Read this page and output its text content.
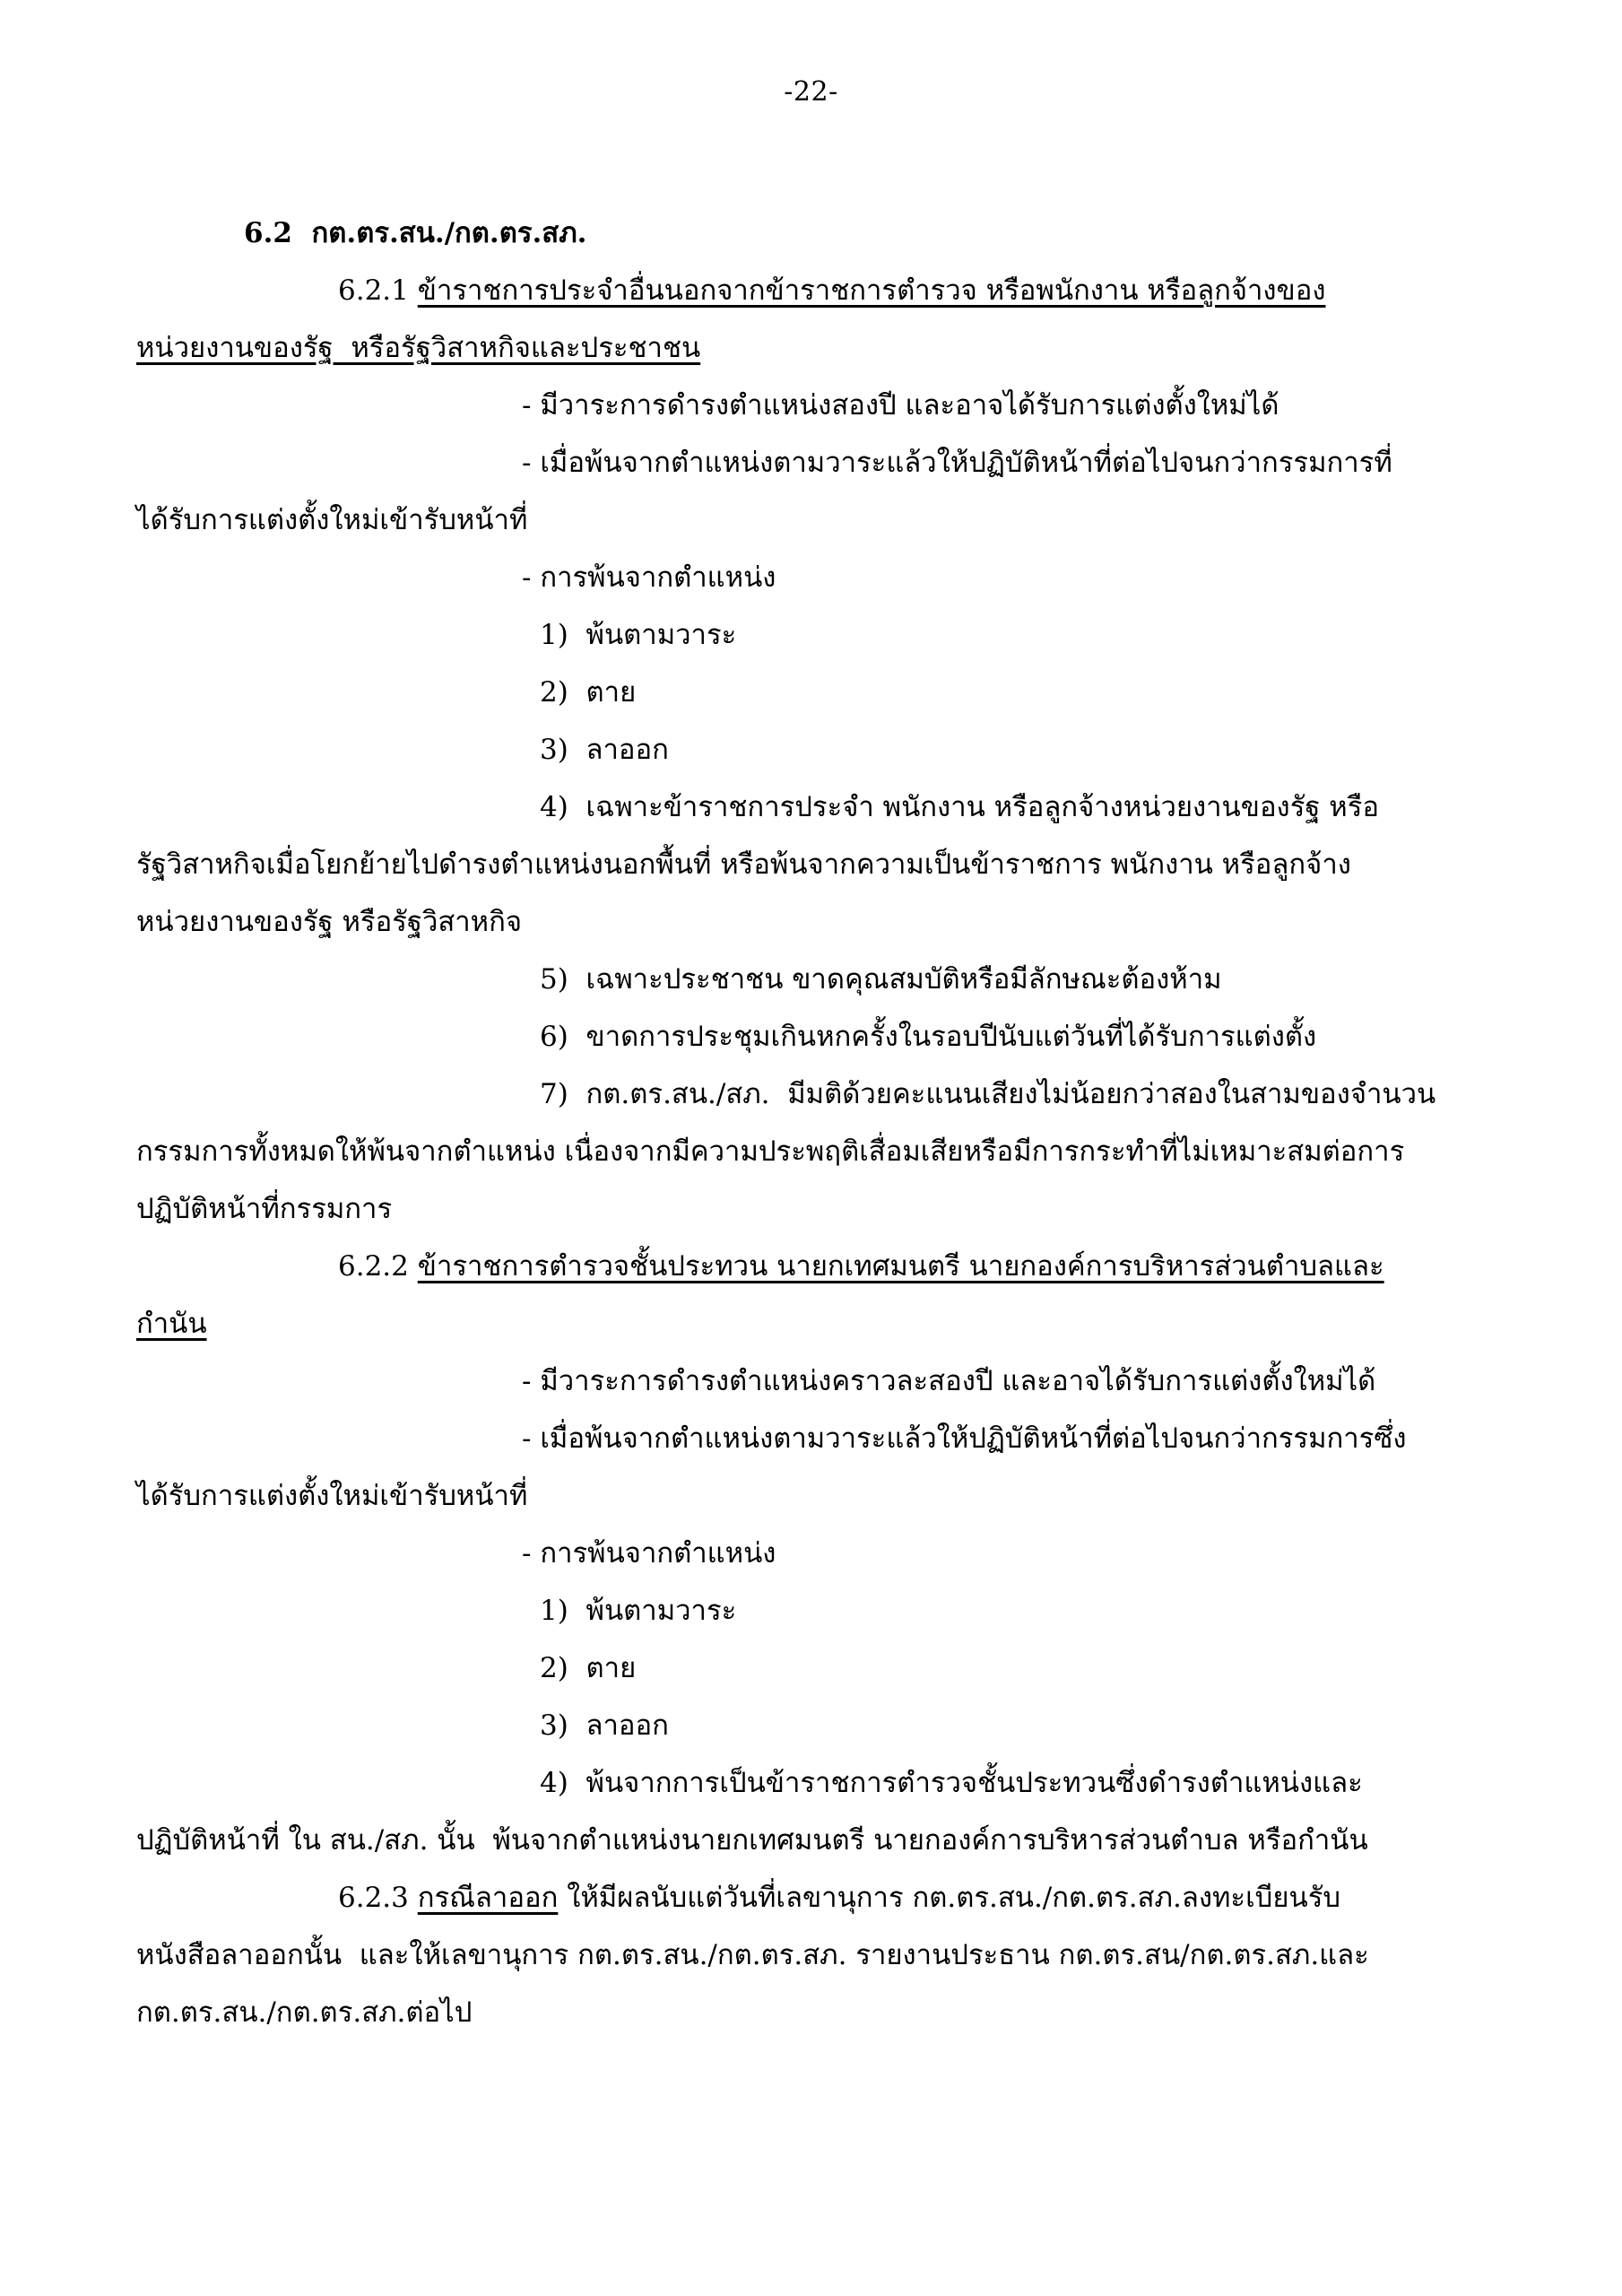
-22-
6.2  กต.ตร.สน./กต.ตร.สภ.
6.2.1 ข้าราชการประจำอื่นนอกจากข้าราชการตำรวจ หรือพนักงาน หรือลูกจ้างของ
หน่วยงานของรัฐ  หรือรัฐวิสาหกิจและประชาชน
- มีวาระการดำรงตำแหน่งสองปี และอาจได้รับการแต่งตั้งใหม่ได้
- เมื่อพ้นจากตำแหน่งตามวาระแล้วให้ปฏิบัติหน้าที่ต่อไปจนกว่ากรรมการที่
ได้รับการแต่งตั้งใหม่เข้ารับหน้าที่
- การพ้นจากตำแหน่ง
1)  พ้นตามวาระ
2)  ตาย
3)  ลาออก
4)  เฉพาะข้าราชการประจำ พนักงาน หรือลูกจ้างหน่วยงานของรัฐ หรือ
รัฐวิสาหกิจเมื่อโยกย้ายไปดำรงตำแหน่งนอกพื้นที่ หรือพ้นจากความเป็นข้าราชการ พนักงาน หรือลูกจ้าง
หน่วยงานของรัฐ หรือรัฐวิสาหกิจ
5)  เฉพาะประชาชน ขาดคุณสมบัติหรือมีลักษณะต้องห้าม
6)  ขาดการประชุมเกินหกครั้งในรอบปีนับแต่วันที่ได้รับการแต่งตั้ง
7)  กต.ตร.สน./สภ.  มีมติด้วยคะแนนเสียงไม่น้อยกว่าสองในสามของจำนวน
กรรมการทั้งหมดให้พ้นจากตำแหน่ง เนื่องจากมีความประพฤติเสื่อมเสียหรือมีการกระทำที่ไม่เหมาะสมต่อการ
ปฏิบัติหน้าที่กรรมการ
6.2.2 ข้าราชการตำรวจชั้นประทวน นายกเทศมนตรี นายกองค์การบริหารส่วนตำบลและ
กำนัน
- มีวาระการดำรงตำแหน่งคราวละสองปี และอาจได้รับการแต่งตั้งใหม่ได้
- เมื่อพ้นจากตำแหน่งตามวาระแล้วให้ปฏิบัติหน้าที่ต่อไปจนกว่ากรรมการซึ่ง
ได้รับการแต่งตั้งใหม่เข้ารับหน้าที่
- การพ้นจากตำแหน่ง
1)  พ้นตามวาระ
2)  ตาย
3)  ลาออก
4)  พ้นจากการเป็นข้าราชการตำรวจชั้นประทวนซึ่งดำรงตำแหน่งและ
ปฏิบัติหน้าที่ ใน สน./สภ. นั้น  พ้นจากตำแหน่งนายกเทศมนตรี นายกองค์การบริหารส่วนตำบล หรือกำนัน
6.2.3 กรณีลาออก ให้มีผลนับแต่วันที่เลขานุการ กต.ตร.สน./กต.ตร.สภ.ลงทะเบียนรับ
หนังสือลาออกนั้น  และให้เลขานุการ กต.ตร.สน./กต.ตร.สภ. รายงานประธาน กต.ตร.สน/กต.ตร.สภ.และ
กต.ตร.สน./กต.ตร.สภ.ต่อไป
